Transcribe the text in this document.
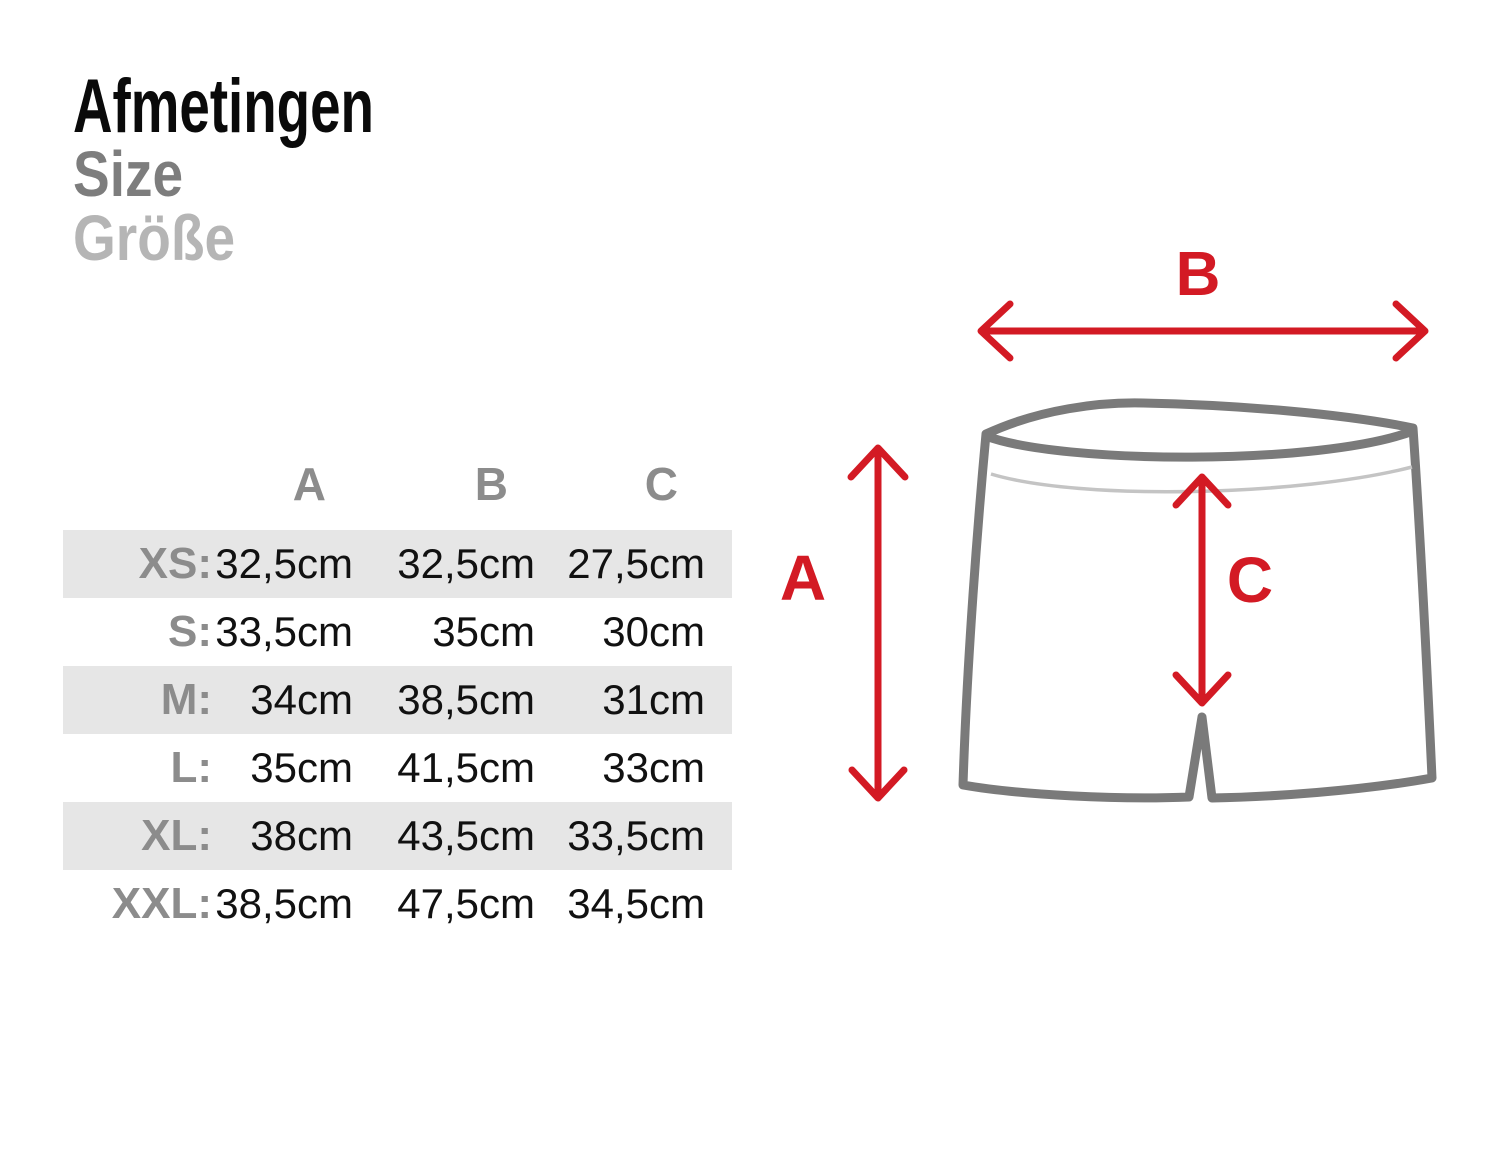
Afmetingen
Size
Größe
A	B	C
XS: 32,5cm	32,5cm 27,5cm
S: 33,5cm	35cm	30cm
M: 34cm	38,5cm	31cm
L: 35cm	41,5cm	33cm
XL: 38cm	43,5cm 33,5cm
XXL: 38,5cm	47,5cm 34,5cm
B
A	C
